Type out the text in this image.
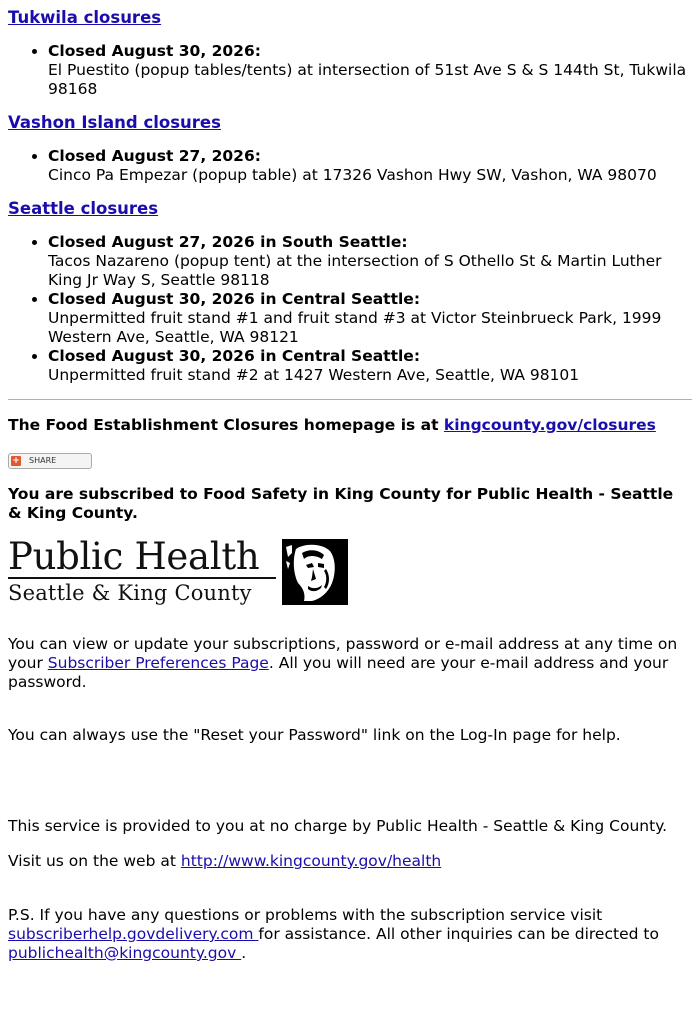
Tukwila closures
• Closed August 30, 2026:
El Puestito (popup tables/tents) at intersection of 51st Ave S & S 144th St, Tukwila 98168
Vashon Island closures
• Closed August 27, 2026:
Cinco Pa Empezar (popup table) at 17326 Vashon Hwy SW, Vashon, WA 98070
Seattle closures
• Closed August 27, 2026 in South Seattle:
Tacos Nazareno (popup tent) at the intersection of S Othello St & Martin Luther King Jr Way S, Seattle 98118
• Closed August 30, 2026 in Central Seattle:
Unpermitted fruit stand #1 and fruit stand #3 at Victor Steinbrueck Park, 1999 Western Ave, Seattle, WA 98121
• Closed August 30, 2026 in Central Seattle:
Unpermitted fruit stand #2 at 1427 Western Ave, Seattle, WA 98101

The Food Establishment Closures homepage is at kingcounty.gov/closures

+ SHARE

You are subscribed to Food Safety in King County for Public Health - Seattle & King County.

Public Health
Seattle & King County

You can view or update your subscriptions, password or e-mail address at any time on your Subscriber Preferences Page. All you will need are your e-mail address and your password.

You can always use the "Reset your Password" link on the Log-In page for help.

This service is provided to you at no charge by Public Health - Seattle & King County.

Visit us on the web at http://www.kingcounty.gov/health

P.S. If you have any questions or problems with the subscription service visit subscriberhelp.govdelivery.com for assistance. All other inquiries can be directed to publichealth@kingcounty.gov .
